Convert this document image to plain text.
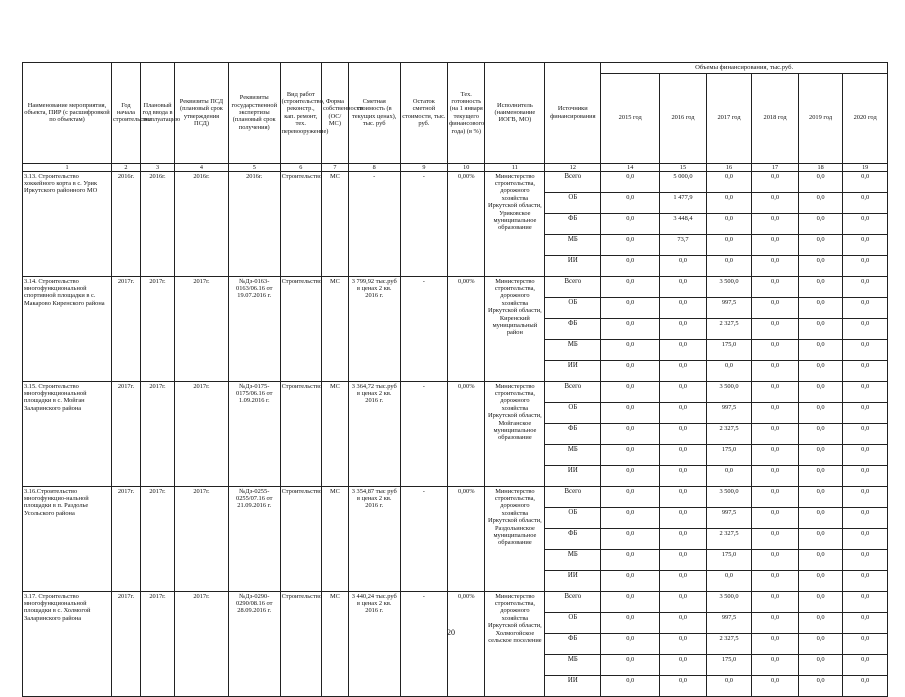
Наименование мероприятия, объекта, ПИР (с расшифровкой по объектам)	Год начала строительства	Плановый год ввода в эксплуатацию	Реквизиты ПСД (плановый срок утверждения ПСД)	Реквизиты государственной экспертизы (плановый срок получения)	Вид работ (строительство, реконстр., кап. ремонт, тех. перевооружение)	Форма собственности (ОС/МС)	Сметная стоимость (в текущих ценах), тыс. руб	Остаток сметной стоимости, тыс. руб.	Тех. готовность (на 1 января текущего финансового года) (в %)	Исполнитель (наименование ИОГВ, МО)	Источники финансирования	Объемы финансирования, тыс.руб.					
												2015 год	2016 год	2017 год	2018 год	2019 год	2020 год
1	2	3	4	5	6	7	8	9	10	11	12	14	15	16	17	18	19
3.13. Строительство хоккейного корта в с. Урик Иркутского районного МО	2016г.	2016г.	2016г.	2016г.	Строительство	МС	-	-	0,00%	Министерство строительства, дорожного хозяйства Иркутской области, Уриковское муниципальное образование	Всего	0,0	5 000,0	0,0	0,0	0,0	0,0
											ОБ	0,0	1 477,9	0,0	0,0	0,0	0,0
											ФБ	0,0	3 448,4	0,0	0,0	0,0	0,0
											МБ	0,0	73,7	0,0	0,0	0,0	0,0
											ИИ	0,0	0,0	0,0	0,0	0,0	0,0
3.14. Строительство многофункциональной спортивной площадки в с. Макарово Киренского района	2017г.	2017г.	2017г.	№Дз-0163-0163/06.16 от 19.07.2016 г.	Строительство	МС	3 799,92 тыс.руб в ценах 2 кв. 2016 г.	-	0,00%	Министерство строительства, дорожного хозяйства Иркутской области, Киренский муниципальный район	Всего	0,0	0,0	3 500,0	0,0	0,0	0,0
											ОБ	0,0	0,0	997,5	0,0	0,0	0,0
											ФБ	0,0	0,0	2 327,5	0,0	0,0	0,0
											МБ	0,0	0,0	175,0	0,0	0,0	0,0
											ИИ	0,0	0,0	0,0	0,0	0,0	0,0
3.15. Строительство многофункциональной площадки в с. Мойган Заларинского района	2017г.	2017г.	2017г.	№Дз-0175-0175/06.16 от 1.09.2016 г.	Строительство	МС	3 364,72 тыс.руб в ценах 2 кв. 2016 г.	-	0,00%	Министерство строительства, дорожного хозяйства Иркутской области, Мойганское муниципальное образование	Всего	0,0	0,0	3 500,0	0,0	0,0	0,0
											ОБ	0,0	0,0	997,5	0,0	0,0	0,0
											ФБ	0,0	0,0	2 327,5	0,0	0,0	0,0
											МБ	0,0	0,0	175,0	0,0	0,0	0,0
											ИИ	0,0	0,0	0,0	0,0	0,0	0,0
3.16.Строительство многофункцио-нальной площадки в п. Раздолье Усольского района	2017г.	2017г.	2017г.	№Дз-0255-0255/07.16 от 21.09.2016 г.	Строительство	МС	3 354,87 тыс руб в ценах 2 кв. 2016 г.	-	0,00%	Министерство строительства, дорожного хозяйства Иркутской области, Раздольинское муниципальное образование	Всего	0,0	0,0	3 500,0	0,0	0,0	0,0
											ОБ	0,0	0,0	997,5	0,0	0,0	0,0
											ФБ	0,0	0,0	2 327,5	0,0	0,0	0,0
											МБ	0,0	0,0	175,0	0,0	0,0	0,0
											ИИ	0,0	0,0	0,0	0,0	0,0	0,0
3.17. Строительство многофункциональной площадки в с. Холмогой Заларинского района	2017г.	2017г.	2017г.	№Дз-0290-0290/08.16 от 28.09.2016 г.	Строительство	МС	3 440,24 тыс.руб в ценах 2 кв. 2016 г.	-	0,00%	Министерство строительства, дорожного хозяйства Иркутской области, Холмогойское сельское поселение	Всего	0,0	0,0	3 500,0	0,0	0,0	0,0
											ОБ	0,0	0,0	997,5	0,0	0,0	0,0
											ФБ	0,0	0,0	2 327,5	0,0	0,0	0,0
											МБ	0,0	0,0	175,0	0,0	0,0	0,0
											ИИ	0,0	0,0	0,0	0,0	0,0	0,0
20
